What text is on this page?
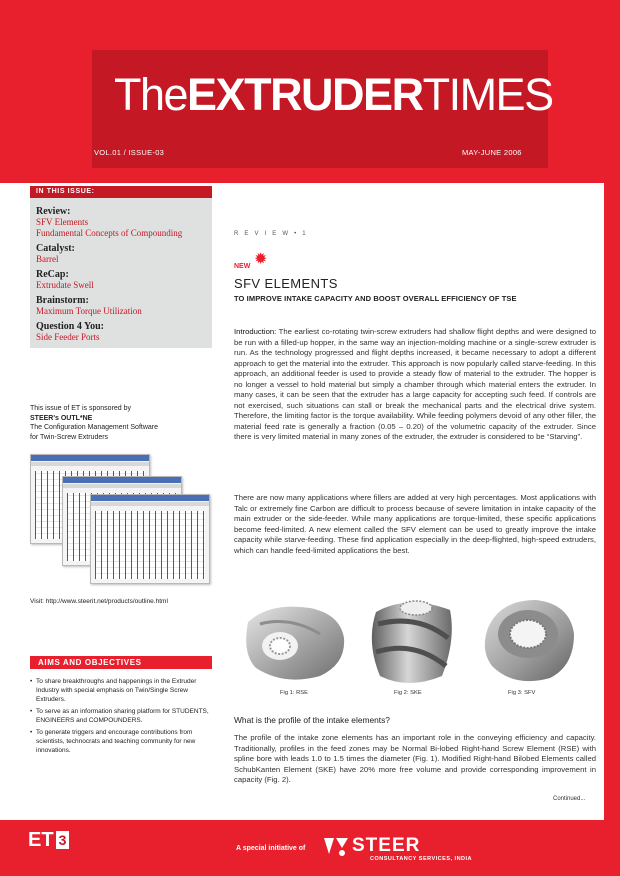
TheEXTRUDERTIMES
VOL.01 / ISSUE-03	MAY-JUNE 2006
IN THIS ISSUE:
Review:
SFV Elements
Fundamental Concepts of Compounding
Catalyst:
Barrel
ReCap:
Extrudate Swell
Brainstorm:
Maximum Torque Utilization
Question 4 You:
Side Feeder Ports
This issue of ET is sponsored by
STEER's OUTL*NE
The Configuration Management Software
for Twin-Screw Extruders
Visit: http://www.steerit.net/products/outline.html
AIMS AND OBJECTIVES
• To share breakthroughs and happenings in the Extruder Industry with special emphasis on Twin/Single Screw Extruders.
• To serve as an information sharing platform for STUDENTS, ENGINEERS and COMPOUNDERS.
• To generate triggers and encourage contributions from scientists, technocrats and teaching community for new innovations.
R E V I E W • 1
✹
NEW
SFV ELEMENTS
TO IMPROVE INTAKE CAPACITY AND BOOST OVERALL EFFICIENCY OF TSE
Introduction: The earliest co-rotating twin-screw extruders had shallow flight depths and were designed to be run with a filled-up hopper, in the same way an injection-molding machine or a single-screw extruder is run. As the technology progressed and flight depths increased, it became necessary to adopt a different approach to get the material into the extruder. This approach is now popularly called starve-feeding. In this approach, an additional feeder is used to provide a steady flow of material to the extruder. The hopper is no longer a vessel to hold material but simply a chamber through which material enters the extruder. In many cases, it can be seen that the extruder has a large capacity for accepting such feed. If controls are not exercised, such situations can stall or break the mechanical parts and the electrical drive system. Therefore, the limiting factor is the torque availability. While feeding polymers devoid of any other filler, the material feed rate is generally a fraction (0.05 – 0.20) of the volumetric capacity of the extruder. Since there is very limited material in many zones of the extruder, the extruder is considered to be “Starving”.
There are now many applications where fillers are added at very high percentages. Most applications with Talc or extremely fine Carbon are difficult to process because of severe limitation in intake capacity of the main extruder or the side-feeder. While many applications are torque-limited, these specific applications become feed-limited. A new element called the SFV element can be used to greatly improve the intake capacity while starve-feeding. These find application especially in the deep-flighted, high-speed extruders, which can handle feed-limited applications the best.
Fig 1: RSE	Fig 2: SKE	Fig 3: SFV
What is the profile of the intake elements?
The profile of the intake zone elements has an important role in the conveying efficiency and capacity. Traditionally, profiles in the feed zones may be Normal Bi-lobed Right-hand Screw Element (RSE) with spline bore with leads 1.0 to 1.5 times the diameter (Fig. 1). Modified Right-hand Bilobed Elements called SchubKanten Element (SKE) have 20% more free volume and provide corresponding improvement in capacity (Fig. 2).
Continued...
ET 3
A special initiative of STEER
CONSULTANCY SERVICES, INDIA
